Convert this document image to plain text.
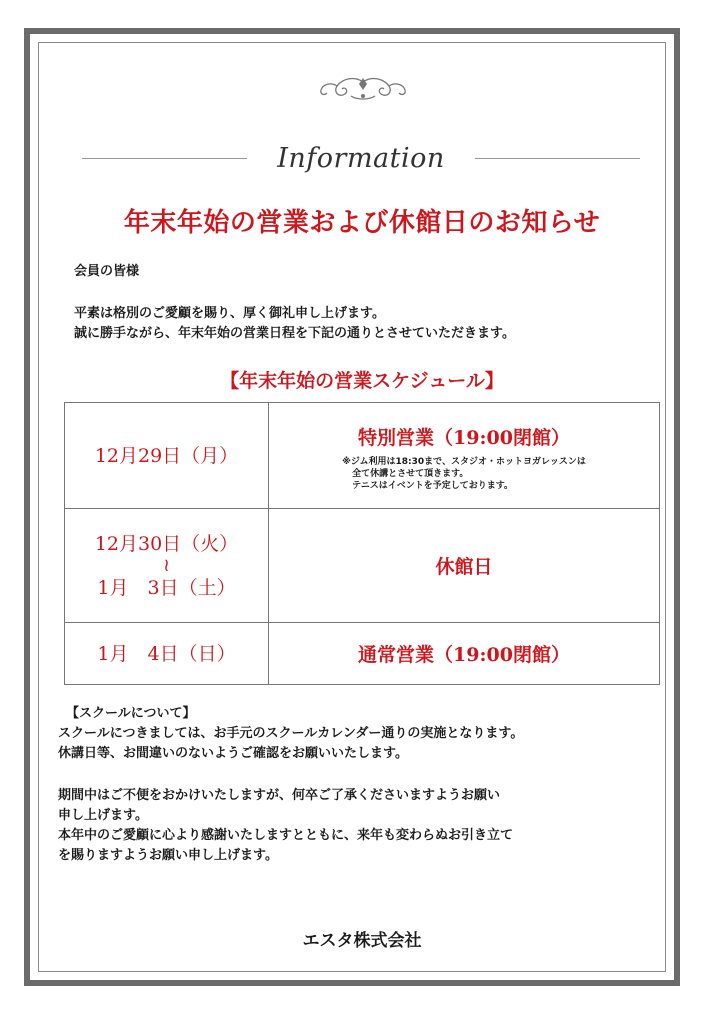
Information
年末年始の営業および休館日のお知らせ
会員の皆様
平素は格別のご愛顧を賜り、厚く御礼申し上げます。
誠に勝手ながら、年末年始の営業日程を下記の通りとさせていただきます。
【年末年始の営業スケジュール】
12月29日（月）	特別営業（19:00閉館）
※ジム利用は18:30まで、スタジオ・ホットヨガレッスンは
全て休講とさせて頂きます。
テニスはイベントを予定しております。

12月30日（火）
≀
1月　3日（土）	休館日
1月　4日（日）	通常営業（19:00閉館）
【スクールについて】
スクールにつきましては、お手元のスクールカレンダー通りの実施となります。
休講日等、お間違いのないようご確認をお願いいたします。
期間中はご不便をおかけいたしますが、何卒ご了承くださいますようお願い
申し上げます。
本年中のご愛顧に心より感謝いたしますとともに、来年も変わらぬお引き立て
を賜りますようお願い申し上げます。
エスタ株式会社
